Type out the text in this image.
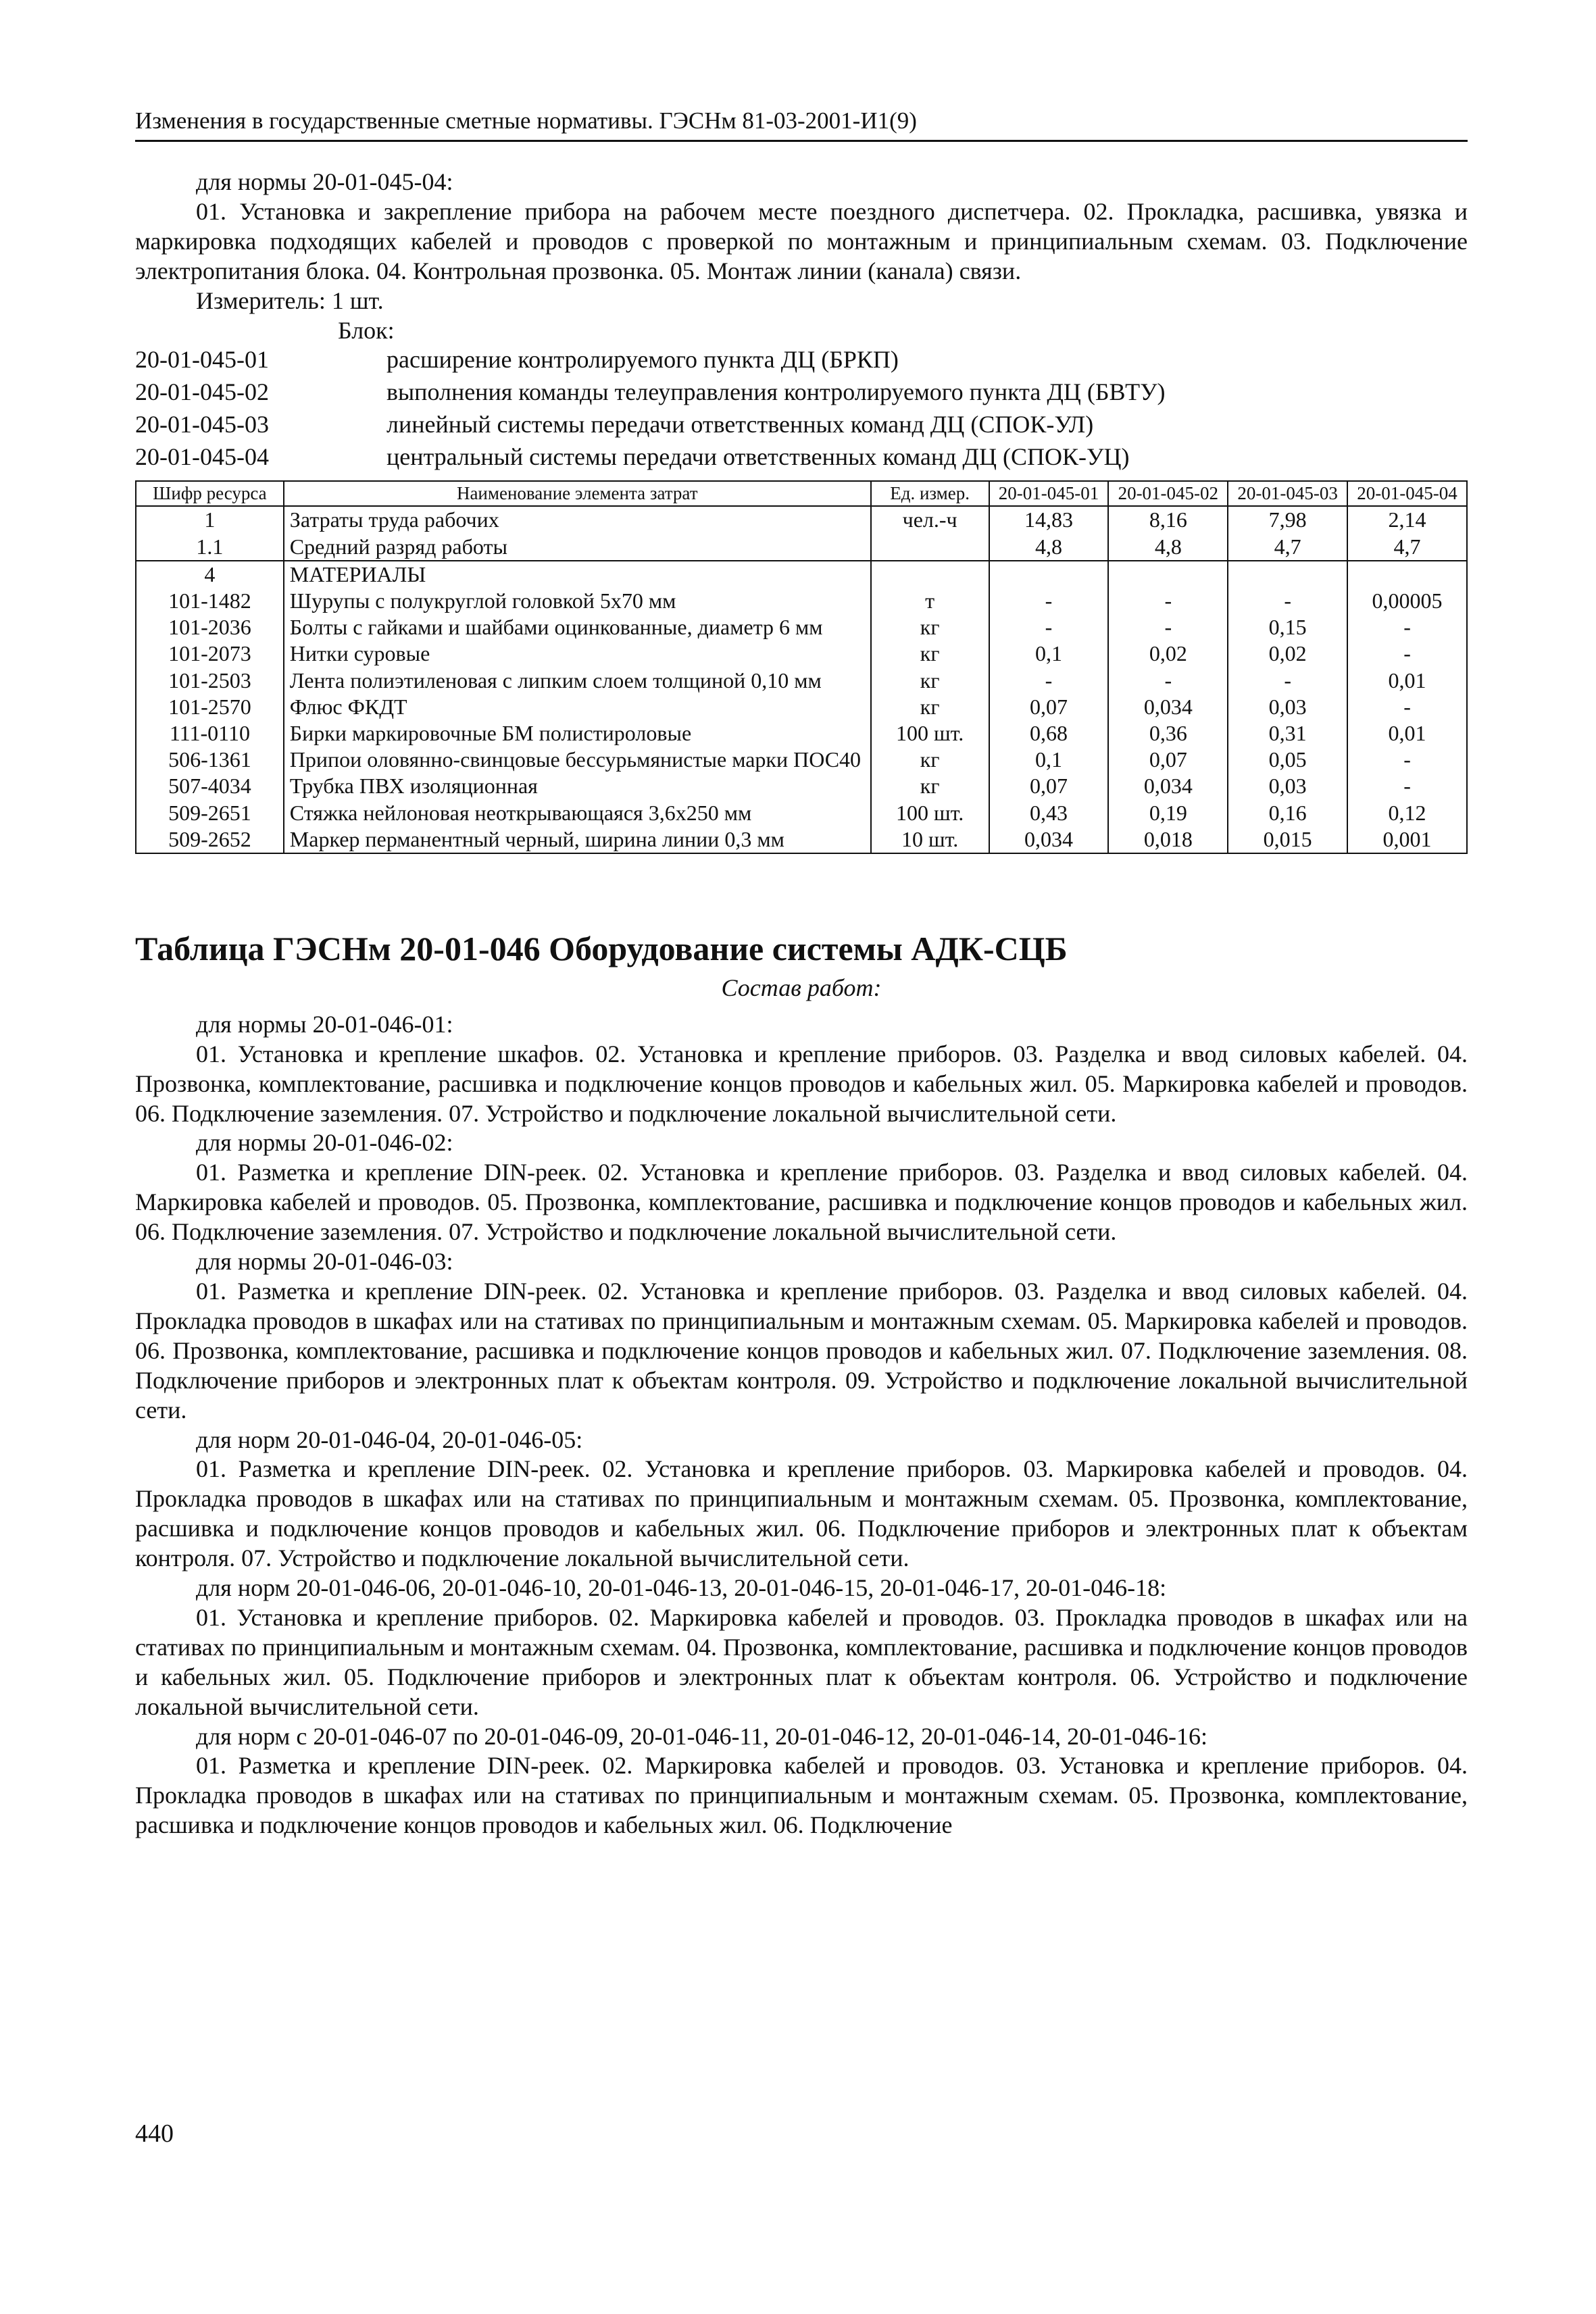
Изменения в государственные сметные нормативы. ГЭСНм 81-03-2001-И1(9)

для нормы 20-01-045-04:

01. Установка и закрепление прибора на рабочем месте поездного диспетчера. 02. Прокладка, расшивка, увязка и маркировка подходящих кабелей и проводов с проверкой по монтажным и принципиальным схемам. 03. Подключение электропитания блока. 04. Контрольная прозвонка. 05. Монтаж линии (канала) связи.

Измеритель: 1 шт.

Блок:

20-01-045-01	расширение контролируемого пункта ДЦ (БРКП)
20-01-045-02	выполнения команды телеуправления контролируемого пункта ДЦ (БВТУ)
20-01-045-03	линейный системы передачи ответственных команд ДЦ (СПОК-УЛ)
20-01-045-04	центральный системы передачи ответственных команд ДЦ (СПОК-УЦ)
Шифр ресурса	Наименование элемента затрат	Ед. измер.	20-01-045-01	20-01-045-02	20-01-045-03	20-01-045-04
1	Затраты труда рабочих	чел.-ч	14,83	8,16	7,98	2,14
1.1	Средний разряд работы		4,8	4,8	4,7	4,7
4	МАТЕРИАЛЫ					
101-1482	Шурупы с полукруглой головкой 5х70 мм	т	-	-	-	0,00005
101-2036	Болты с гайками и шайбами оцинкованные, диаметр 6 мм	кг	-	-	0,15	-
101-2073	Нитки суровые	кг	0,1	0,02	0,02	-
101-2503	Лента полиэтиленовая с липким слоем толщиной 0,10 мм	кг	-	-	-	0,01
101-2570	Флюс ФКДТ	кг	0,07	0,034	0,03	-
111-0110	Бирки маркировочные БМ полистироловые	100 шт.	0,68	0,36	0,31	0,01
506-1361	Припои оловянно-свинцовые бессурьмянистые марки ПОС40	кг	0,1	0,07	0,05	-
507-4034	Трубка ПВХ изоляционная	кг	0,07	0,034	0,03	-
509-2651	Стяжка нейлоновая неоткрывающаяся 3,6х250 мм	100 шт.	0,43	0,19	0,16	0,12
509-2652	Маркер перманентный черный, ширина линии 0,3 мм	10 шт.	0,034	0,018	0,015	0,001
Таблица ГЭСНм 20-01-046 Оборудование системы АДК-СЦБ

Состав работ:

для нормы 20-01-046-01:

01. Установка и крепление шкафов. 02. Установка и крепление приборов. 03. Разделка и ввод силовых кабелей. 04. Прозвонка, комплектование, расшивка и подключение концов проводов и кабельных жил. 05. Маркировка кабелей и проводов. 06. Подключение заземления. 07. Устройство и подключение локальной вычислительной сети.

для нормы 20-01-046-02:

01. Разметка и крепление DIN-реек. 02. Установка и крепление приборов. 03. Разделка и ввод силовых кабелей. 04. Маркировка кабелей и проводов. 05. Прозвонка, комплектование, расшивка и подключение концов проводов и кабельных жил. 06. Подключение заземления. 07. Устройство и подключение локальной вычислительной сети.

для нормы 20-01-046-03:

01. Разметка и крепление DIN-реек. 02. Установка и крепление приборов. 03. Разделка и ввод силовых кабелей. 04. Прокладка проводов в шкафах или на стативах по принципиальным и монтажным схемам. 05. Маркировка кабелей и проводов. 06. Прозвонка, комплектование, расшивка и подключение концов проводов и кабельных жил. 07. Подключение заземления. 08. Подключение приборов и электронных плат к объектам контроля. 09. Устройство и подключение локальной вычислительной сети.

для норм 20-01-046-04, 20-01-046-05:

01. Разметка и крепление DIN-реек. 02. Установка и крепление приборов. 03. Маркировка кабелей и проводов. 04. Прокладка проводов в шкафах или на стативах по принципиальным и монтажным схемам. 05. Прозвонка, комплектование, расшивка и подключение концов проводов и кабельных жил. 06. Подключение приборов и электронных плат к объектам контроля. 07. Устройство и подключение локальной вычислительной сети.

для норм 20-01-046-06, 20-01-046-10, 20-01-046-13, 20-01-046-15, 20-01-046-17, 20-01-046-18:

01. Установка и крепление приборов. 02. Маркировка кабелей и проводов. 03. Прокладка проводов в шкафах или на стативах по принципиальным и монтажным схемам. 04. Прозвонка, комплектование, расшивка и подключение концов проводов и кабельных жил. 05. Подключение приборов и электронных плат к объектам контроля. 06. Устройство и подключение локальной вычислительной сети.

для норм с 20-01-046-07 по 20-01-046-09, 20-01-046-11, 20-01-046-12, 20-01-046-14, 20-01-046-16:

01. Разметка и крепление DIN-реек. 02. Маркировка кабелей и проводов. 03. Установка и крепление приборов. 04. Прокладка проводов в шкафах или на стативах по принципиальным и монтажным схемам. 05. Прозвонка, комплектование, расшивка и подключение концов проводов и кабельных жил. 06. Подключение

440
